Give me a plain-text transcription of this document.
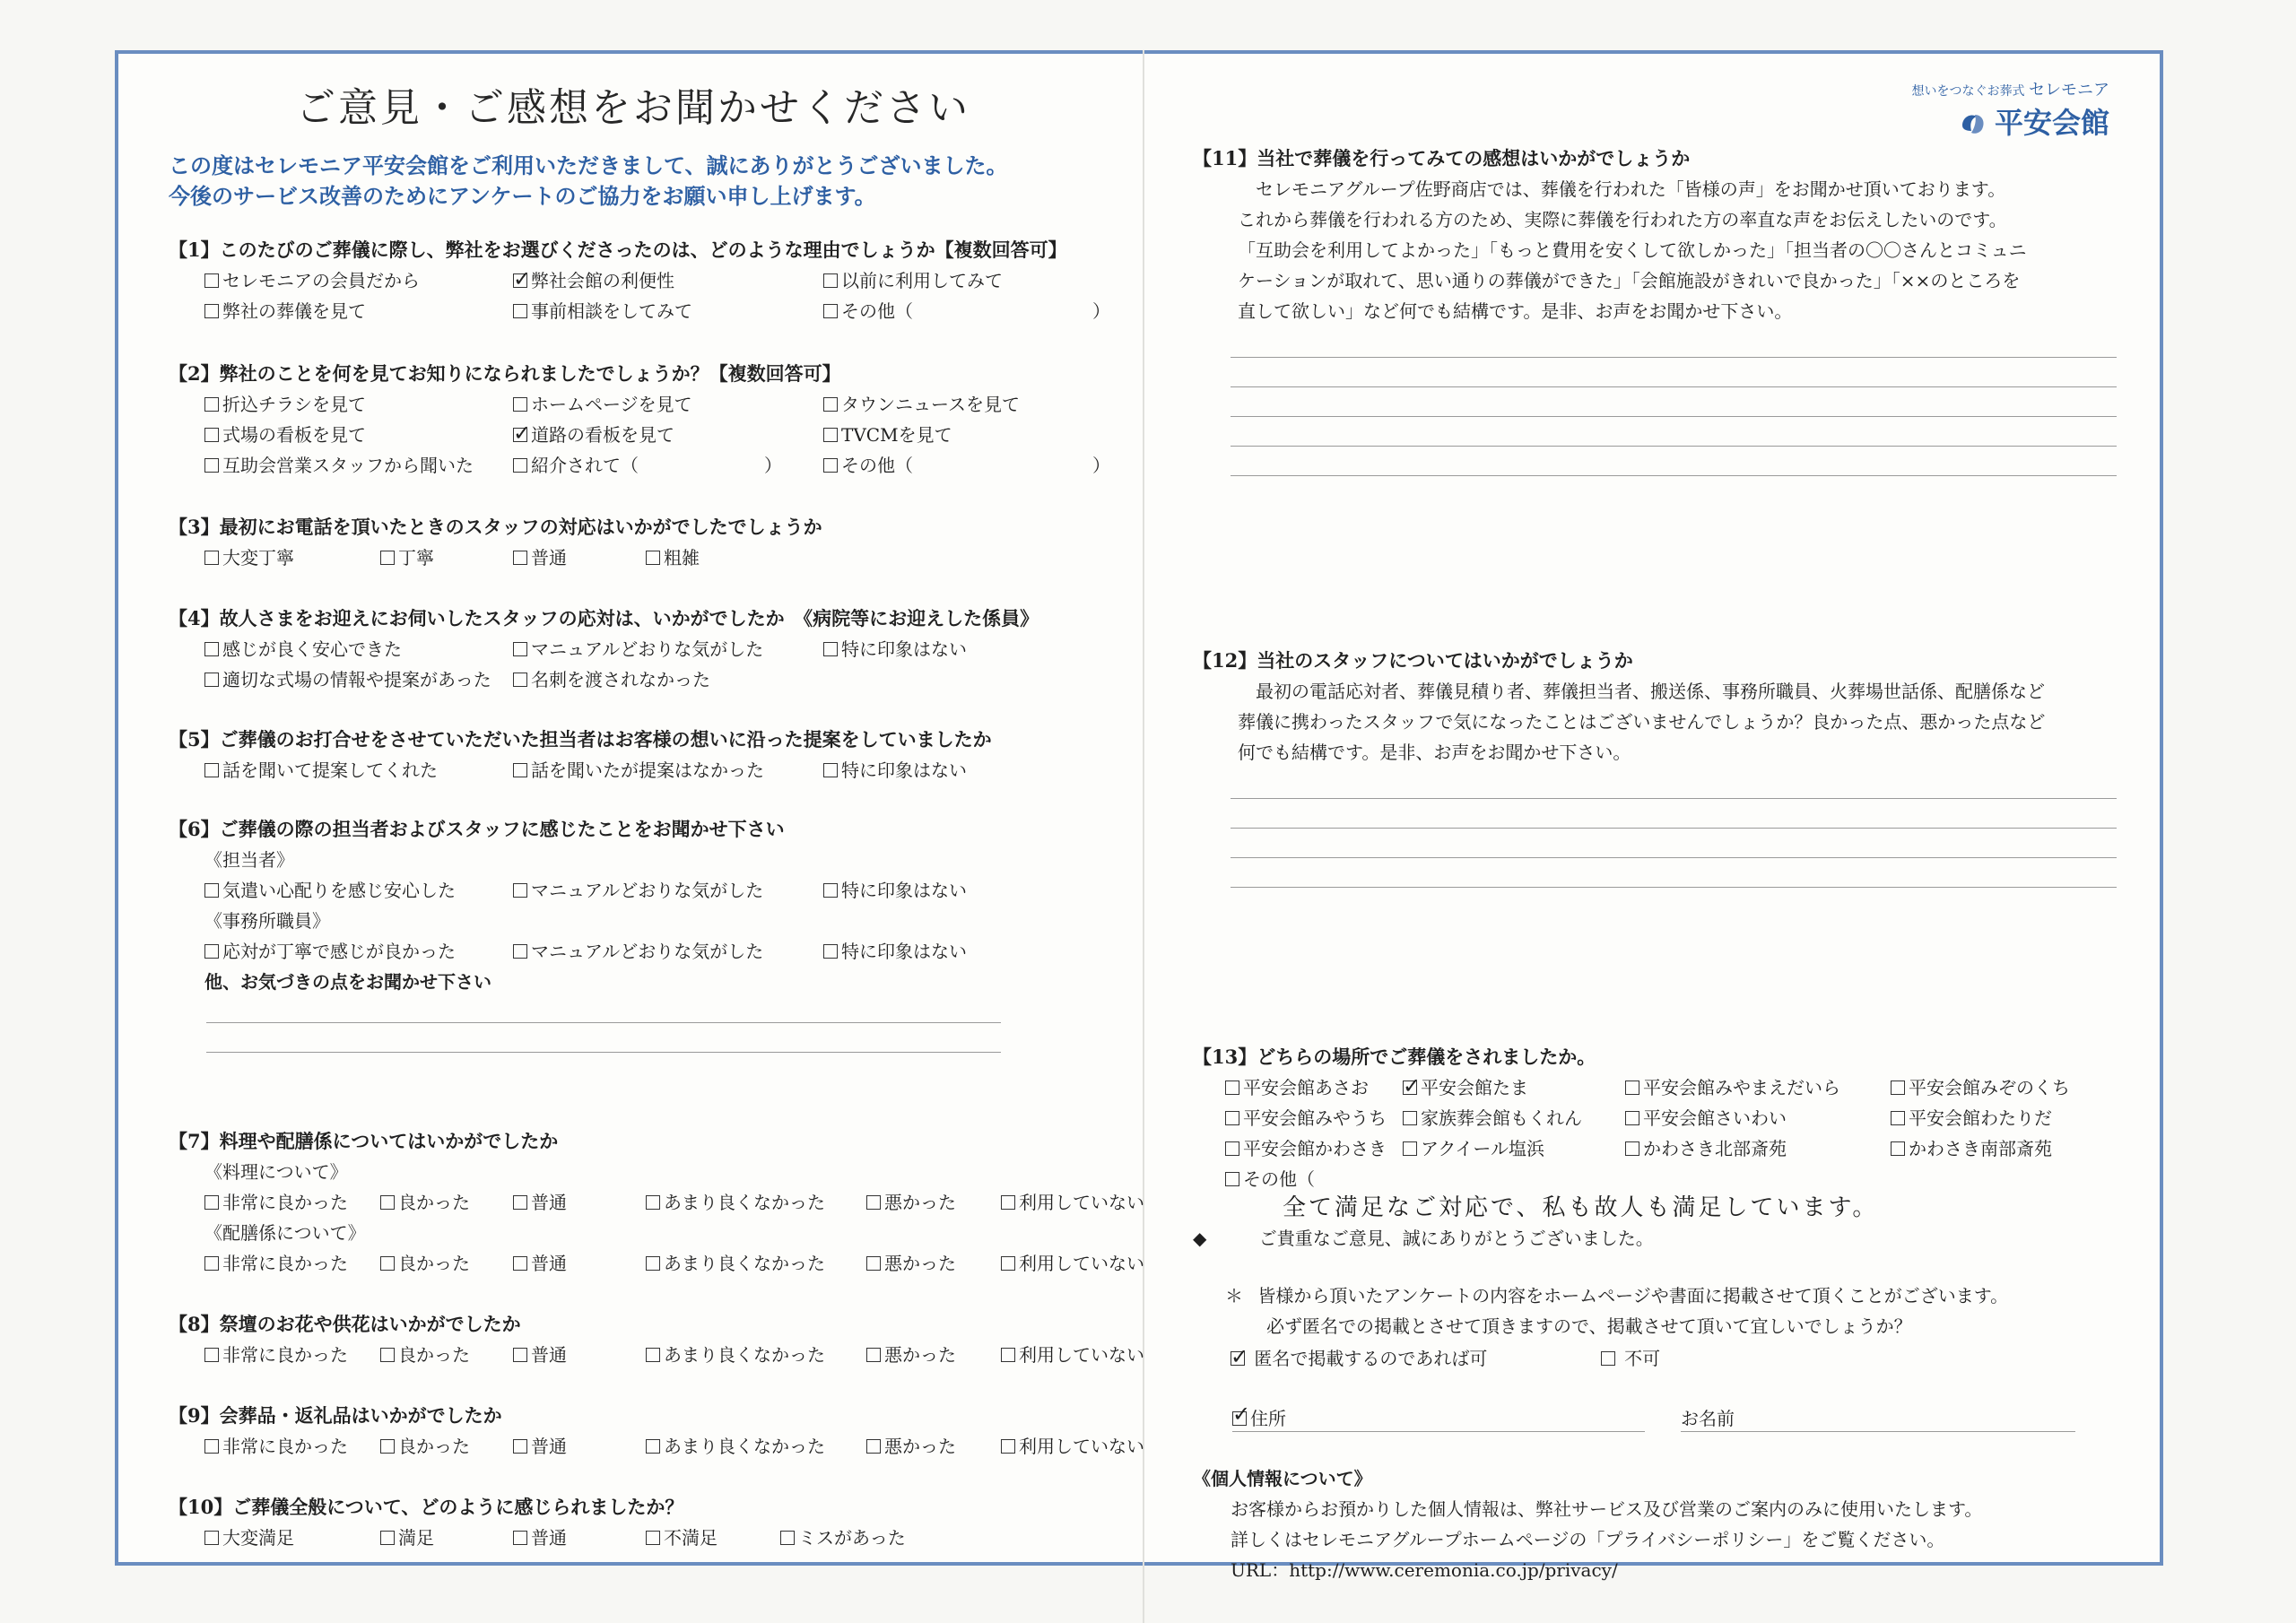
ご意見・ご感想をお聞かせください
この度はセレモニア平安会館をご利用いただきまして、誠にありがとうございました。
今後のサービス改善のためにアンケートのご協力をお願い申し上げます。
【1】このたびのご葬儀に際し、弊社をお選びくださったのは、どのような理由でしょうか【複数回答可】
セレモニアの会員だから ✓	弊社会館の利便性	以前に利用してみて
弊社の葬儀を見て	事前相談をしてみて	その他（　　　　　　　　　　）
【2】弊社のことを何を見てお知りになられましたでしょうか？【複数回答可】
折込チラシを見て	ホームページを見て	タウンニュースを見て
式場の看板を見て ✓	道路の看板を見て	TVCMを見て
互助会営業スタッフから聞いた	紹介されて（　　　　　　　）	その他（　　　　　　　　　　）
【3】最初にお電話を頂いたときのスタッフの対応はいかがでしたでしょうか
大変丁寧	丁寧	普通	粗雑
【4】故人さまをお迎えにお伺いしたスタッフの応対は、いかがでしたか　《病院等にお迎えした係員》
感じが良く安心できた	マニュアルどおりな気がした	特に印象はない
適切な式場の情報や提案があった	名刺を渡されなかった
【5】ご葬儀のお打合せをさせていただいた担当者はお客様の想いに沿った提案をしていましたか
話を聞いて提案してくれた	話を聞いたが提案はなかった	特に印象はない
【6】ご葬儀の際の担当者およびスタッフに感じたことをお聞かせ下さい
《担当者》
気遣い心配りを感じ安心した	マニュアルどおりな気がした	特に印象はない
《事務所職員》
応対が丁寧で感じが良かった	マニュアルどおりな気がした	特に印象はない
他、お気づきの点をお聞かせ下さい
【7】料理や配膳係についてはいかがでしたか
《料理について》
非常に良かった	良かった	普通	あまり良くなかった	悪かった	利用していない
《配膳係について》
非常に良かった	良かった	普通	あまり良くなかった	悪かった	利用していない
【8】祭壇のお花や供花はいかがでしたか
非常に良かった	良かった	普通	あまり良くなかった	悪かった	利用していない
【9】会葬品・返礼品はいかがでしたか
非常に良かった	良かった	普通	あまり良くなかった	悪かった	利用していない
【10】ご葬儀全般について、どのように感じられましたか？
大変満足	満足	普通	不満足	ミスがあった
想いをつなぐお葬式 セレモニア
平安会館
【11】当社で葬儀を行ってみての感想はいかがでしょうか
セレモニアグループ佐野商店では、葬儀を行われた「皆様の声」をお聞かせ頂いております。
これから葬儀を行われる方のため、実際に葬儀を行われた方の率直な声をお伝えしたいのです。
「互助会を利用してよかった」「もっと費用を安くして欲しかった」「担当者の〇〇さんとコミュニ
ケーションが取れて、思い通りの葬儀ができた」「会館施設がきれいで良かった」「××のところを
直して欲しい」など何でも結構です。是非、お声をお聞かせ下さい。
【12】当社のスタッフについてはいかがでしょうか
最初の電話応対者、葬儀見積り者、葬儀担当者、搬送係、事務所職員、火葬場世話係、配膳係など
葬儀に携わったスタッフで気になったことはございませんでしょうか？良かった点、悪かった点など
何でも結構です。是非、お声をお聞かせ下さい。
【13】どちらの場所でご葬儀をされましたか。
平安会館あさお ✓	平安会館たま	平安会館みやまえだいら	平安会館みぞのくち
平安会館みやうち	家族葬会館もくれん	平安会館さいわい	平安会館わたりだ
平安会館かわさき	アクイール塩浜	かわさき北部斎苑	かわさき南部斎苑
その他（
全て満足なご対応で、私も故人も満足しています。
◆	ご貴重なご意見、誠にありがとうございました。
＊ 皆様から頂いたアンケートの内容をホームページや書面に掲載させて頂くことがございます。
必ず匿名での掲載とさせて頂きますので、掲載させて頂いて宜しいでしょうか？
✓ 匿名で掲載するのであれば可	不可
✓住所	お名前
《個人情報について》
お客様からお預かりした個人情報は、弊社サービス及び営業のご案内のみに使用いたします。
詳しくはセレモニアグループホームページの「プライバシーポリシー」をご覧ください。
URL：http://www.ceremonia.co.jp/privacy/
